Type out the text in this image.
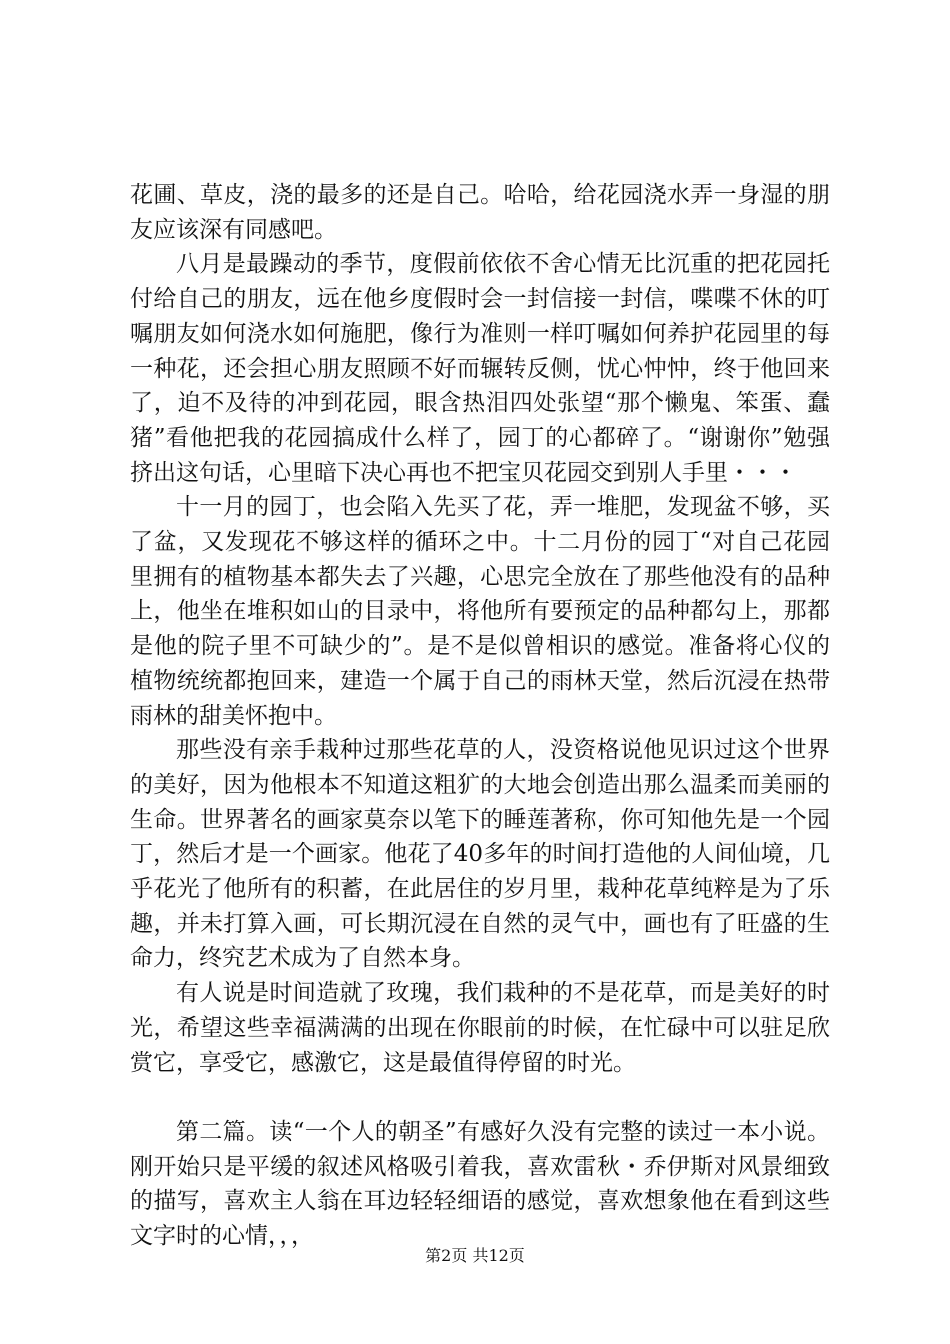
花圃、草皮，浇的最多的还是自己。哈哈，给花园浇水弄一身湿的朋友应该深有同感吧。

八月是最躁动的季节，度假前依依不舍心情无比沉重的把花园托付给自己的朋友，远在他乡度假时会一封信接一封信，喋喋不休的叮嘱朋友如何浇水如何施肥，像行为准则一样叮嘱如何养护花园里的每一种花，还会担心朋友照顾不好而辗转反侧，忧心忡忡，终于他回来了，迫不及待的冲到花园，眼含热泪四处张望“那个懒鬼、笨蛋、蠢猪”看他把我的花园搞成什么样了，园丁的心都碎了。“谢谢你”勉强挤出这句话，心里暗下决心再也不把宝贝花园交到别人手里・・・

十一月的园丁，也会陷入先买了花，弄一堆肥，发现盆不够，买了盆，又发现花不够这样的循环之中。十二月份的园丁“对自己花园里拥有的植物基本都失去了兴趣，心思完全放在了那些他没有的品种上，他坐在堆积如山的目录中，将他所有要预定的品种都勾上，那都是他的院子里不可缺少的”。是不是似曾相识的感觉。准备将心仪的植物统统都抱回来，建造一个属于自己的雨林天堂，然后沉浸在热带雨林的甜美怀抱中。

那些没有亲手栽种过那些花草的人，没资格说他见识过这个世界的美好，因为他根本不知道这粗犷的大地会创造出那么温柔而美丽的生命。世界著名的画家莫奈以笔下的睡莲著称，你可知他先是一个园丁，然后才是一个画家。他花了40多年的时间打造他的人间仙境，几乎花光了他所有的积蓄，在此居住的岁月里，栽种花草纯粹是为了乐趣，并未打算入画，可长期沉浸在自然的灵气中，画也有了旺盛的生命力，终究艺术成为了自然本身。

有人说是时间造就了玫瑰，我们栽种的不是花草，而是美好的时光，希望这些幸福满满的出现在你眼前的时候，在忙碌中可以驻足欣赏它，享受它，感激它，这是最值得停留的时光。

第二篇。读“一个人的朝圣”有感好久没有完整的读过一本小说。刚开始只是平缓的叙述风格吸引着我，喜欢雷秋・乔伊斯对风景细致的描写，喜欢主人翁在耳边轻轻细语的感觉，喜欢想象他在看到这些文字时的心情，，，

第2页 共12页
